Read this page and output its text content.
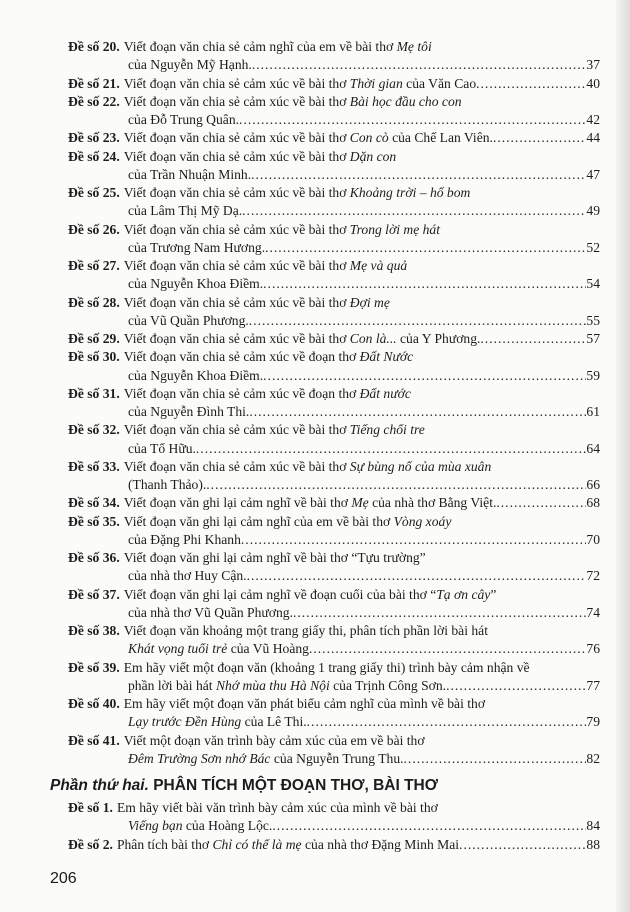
Đề số 20. Viết đoạn văn chia sẻ cảm nghĩ của em về bài thơ Mẹ tôi
của Nguyễn Mỹ Hạnh. .....	37
Đề số 21. Viết đoạn văn chia sẻ cảm xúc về bài thơ Thời gian của Văn Cao .....	40
Đề số 22. Viết đoạn văn chia sẻ cảm xúc về bài thơ Bài học đầu cho con
của Đỗ Trung Quân. .....	42
Đề số 23. Viết đoạn văn chia sẻ cảm xúc về bài thơ Con cò của Chế Lan Viên. .....	44
Đề số 24. Viết đoạn văn chia sẻ cảm xúc về bài thơ Dặn con
của Trần Nhuận Minh. .....	47
Đề số 25. Viết đoạn văn chia sẻ cảm xúc về bài thơ Khoảng trời – hố bom
của Lâm Thị Mỹ Dạ. .....	49
Đề số 26. Viết đoạn văn chia sẻ cảm xúc về bài thơ Trong lời mẹ hát
của Trương Nam Hương. .....	52
Đề số 27. Viết đoạn văn chia sẻ cảm xúc về bài thơ Mẹ và quả
của Nguyễn Khoa Điềm. .....	54
Đề số 28. Viết đoạn văn chia sẻ cảm xúc về bài thơ Đợi mẹ
của Vũ Quần Phương. .....	55
Đề số 29. Viết đoạn văn chia sẻ cảm xúc về bài thơ Con là... của Y Phương. .....	57
Đề số 30. Viết đoạn văn chia sẻ cảm xúc về đoạn thơ Đất Nước
của Nguyễn Khoa Điềm. .....	59
Đề số 31. Viết đoạn văn chia sẻ cảm xúc về đoạn thơ Đất nước
của Nguyễn Đình Thi. .....	61
Đề số 32. Viết đoạn văn chia sẻ cảm xúc về bài thơ Tiếng chổi tre
của Tố Hữu. .....	64
Đề số 33. Viết đoạn văn chia sẻ cảm xúc về bài thơ Sự bùng nổ của mùa xuân
(Thanh Thảo). .....	66
Đề số 34. Viết đoạn văn ghi lại cảm nghĩ về bài thơ Mẹ của nhà thơ Bằng Việt. .....	68
Đề số 35. Viết đoạn văn ghi lại cảm nghĩ của em về bài thơ Vòng xoáy
của Đặng Phi Khanh .....	70
Đề số 36. Viết đoạn văn ghi lại cảm nghĩ về bài thơ “Tựu trường”
của nhà thơ Huy Cận. .....	72
Đề số 37. Viết đoạn văn ghi lại cảm nghĩ về đoạn cuối của bài thơ “Tạ ơn cây”
của nhà thơ Vũ Quần Phương. .....	74
Đề số 38. Viết đoạn văn khoảng một trang giấy thi, phân tích phần lời bài hát
Khát vọng tuổi trẻ của Vũ Hoàng .....	76
Đề số 39. Em hãy viết một đoạn văn (khoảng 1 trang giấy thi) trình bày cảm nhận về
phần lời bài hát Nhớ mùa thu Hà Nội của Trịnh Công Sơn. .....	77
Đề số 40. Em hãy viết một đoạn văn phát biểu cảm nghĩ của mình về bài thơ
Lạy trước Đền Hùng của Lê Thi. .....	79
Đề số 41. Viết một đoạn văn trình bày cảm xúc của em về bài thơ
Đêm Trường Sơn nhớ Bác của Nguyễn Trung Thu. .....	82
Phần thứ hai. PHÂN TÍCH MỘT ĐOẠN THƠ, BÀI THƠ
Đề số 1. Em hãy viết bài văn trình bày cảm xúc của mình về bài thơ
Viếng bạn của Hoàng Lộc. .....	84
Đề số 2. Phân tích bài thơ Chỉ có thể là mẹ của nhà thơ Đặng Minh Mai .....	88
206
